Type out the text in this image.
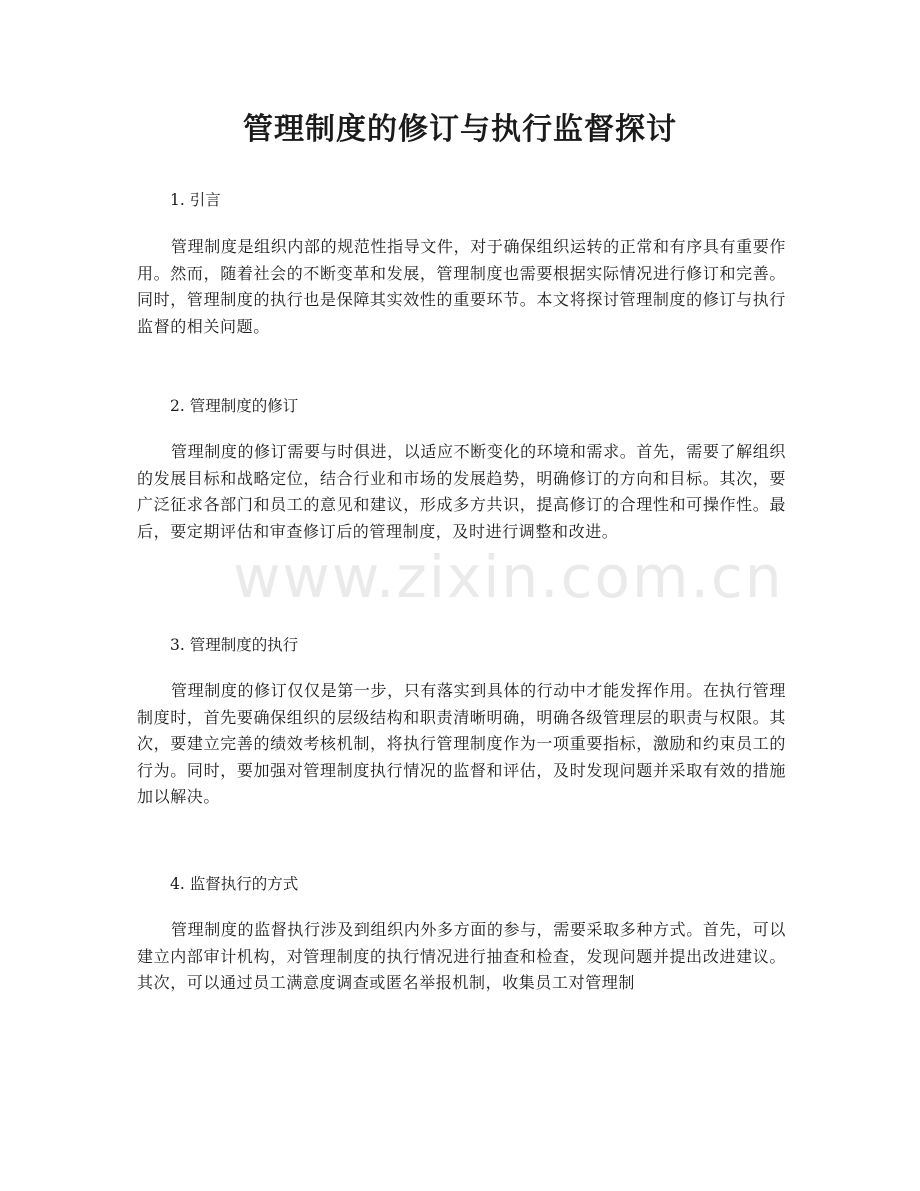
www.zixin.com.cn
管理制度的修订与执行监督探讨

1. 引言

管理制度是组织内部的规范性指导文件，对于确保组织运转的正常和有序具有重要作用。然而，随着社会的不断变革和发展，管理制度也需要根据实际情况进行修订和完善。同时，管理制度的执行也是保障其实效性的重要环节。本文将探讨管理制度的修订与执行监督的相关问题。

2. 管理制度的修订

管理制度的修订需要与时俱进，以适应不断变化的环境和需求。首先，需要了解组织的发展目标和战略定位，结合行业和市场的发展趋势，明确修订的方向和目标。其次，要广泛征求各部门和员工的意见和建议，形成多方共识，提高修订的合理性和可操作性。最后，要定期评估和审查修订后的管理制度，及时进行调整和改进。

3. 管理制度的执行

管理制度的修订仅仅是第一步，只有落实到具体的行动中才能发挥作用。在执行管理制度时，首先要确保组织的层级结构和职责清晰明确，明确各级管理层的职责与权限。其次，要建立完善的绩效考核机制，将执行管理制度作为一项重要指标，激励和约束员工的行为。同时，要加强对管理制度执行情况的监督和评估，及时发现问题并采取有效的措施加以解决。

4. 监督执行的方式

管理制度的监督执行涉及到组织内外多方面的参与，需要采取多种方式。首先，可以建立内部审计机构，对管理制度的执行情况进行抽查和检查，发现问题并提出改进建议。其次，可以通过员工满意度调查或匿名举报机制，收集员工对管理制
